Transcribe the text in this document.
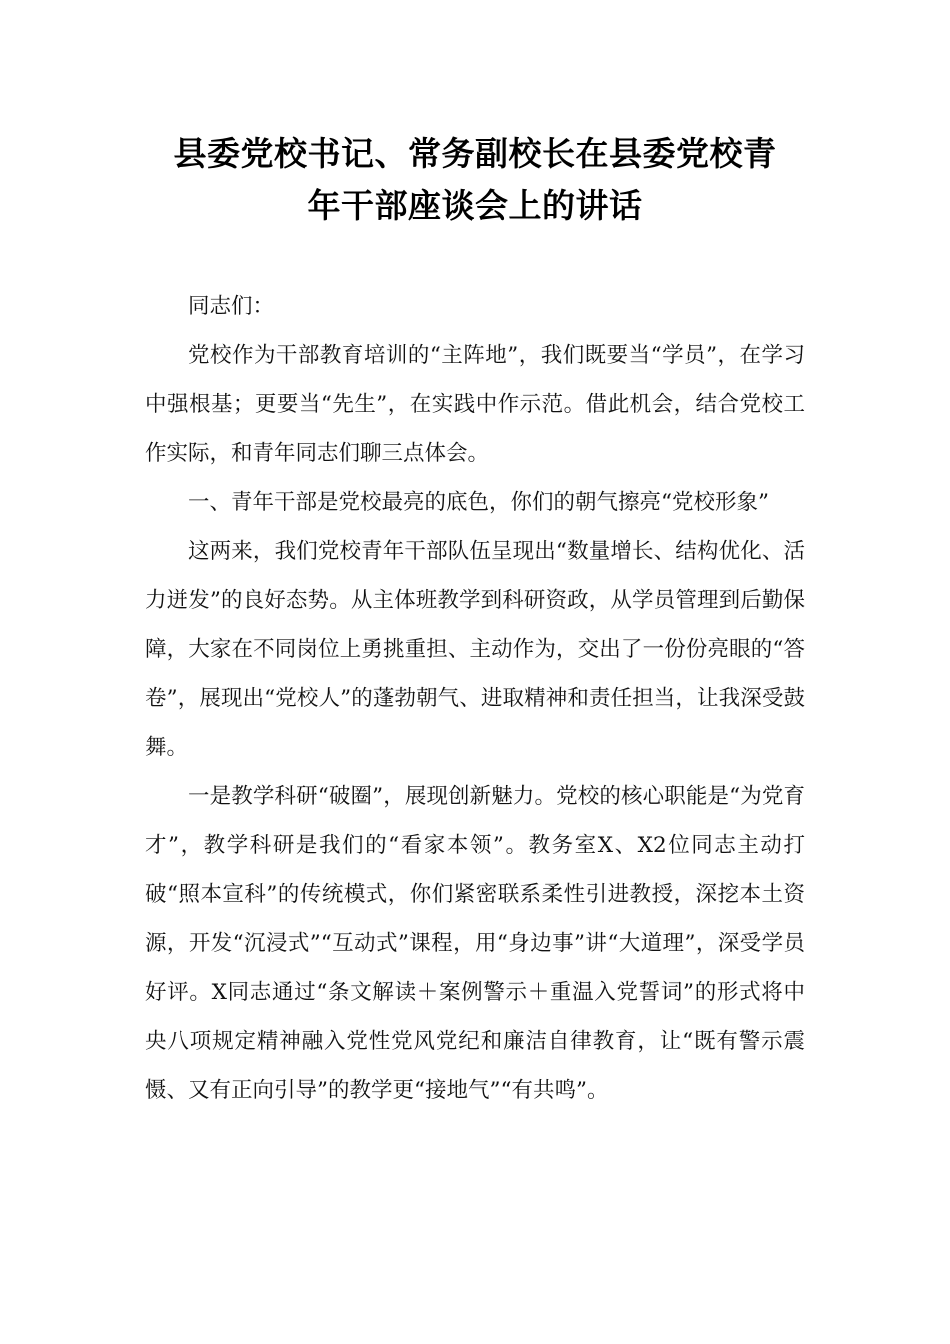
县委党校书记、常务副校长在县委党校青
年干部座谈会上的讲话

同志们：

党校作为干部教育培训的“主阵地”，我们既要当“学员”，在学习中强根基；更要当“先生”，在实践中作示范。借此机会，结合党校工作实际，和青年同志们聊三点体会。

一、青年干部是党校最亮的底色，你们的朝气擦亮“党校形象”

这两来，我们党校青年干部队伍呈现出“数量增长、结构优化、活力迸发”的良好态势。从主体班教学到科研资政，从学员管理到后勤保障，大家在不同岗位上勇挑重担、主动作为，交出了一份份亮眼的“答卷”，展现出“党校人”的蓬勃朝气、进取精神和责任担当，让我深受鼓舞。

一是教学科研“破圈”，展现创新魅力。党校的核心职能是“为党育才”，教学科研是我们的“看家本领”。教务室X、X2位同志主动打破“照本宣科”的传统模式，你们紧密联系柔性引进教授，深挖本土资源，开发“沉浸式”“互动式”课程，用“身边事”讲“大道理”，深受学员好评。X同志通过“条文解读＋案例警示＋重温入党誓词”的形式将中央八项规定精神融入党性党风党纪和廉洁自律教育，让“既有警示震慑、又有正向引导”的教学更“接地气”“有共鸣”。
